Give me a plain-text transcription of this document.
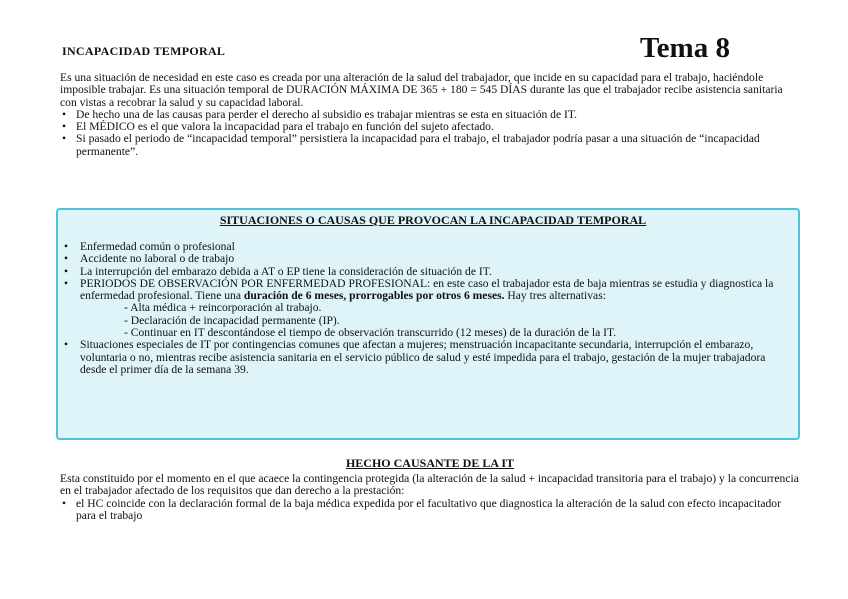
INCAPACIDAD TEMPORAL	Tema 8

Es una situación de necesidad en este caso es creada por una alteración de la salud del trabajador, que incide en su capacidad para el trabajo, haciéndole imposible trabajar. Es una situación temporal de DURACIÓN MÁXIMA DE 365 + 180 = 545 DÍAS durante las que el trabajador recibe asistencia sanitaria con vistas a recobrar la salud y su capacidad laboral.

• De hecho una de las causas para perder el derecho al subsidio es trabajar mientras se esta en situación de IT.
• El MÉDICO es el que valora la incapacidad para el trabajo en función del sujeto afectado.
• Si pasado el periodo de “incapacidad temporal” persistiera la incapacidad para el trabajo, el trabajador podría pasar a una situación de “incapacidad permanente”.
SITUACIONES O CAUSAS QUE PROVOCAN LA INCAPACIDAD TEMPORAL
• Enfermedad común o profesional
• Accidente no laboral o de trabajo
• La interrupción del embarazo debida a AT o EP tiene la consideración de situación de IT.
• PERIODOS DE OBSERVACIÓN POR ENFERMEDAD PROFESIONAL: en este caso el trabajador esta de baja mientras se estudia y diagnostica la enfermedad profesional. Tiene una duración de 6 meses, prorrogables por otros 6 meses. Hay tres alternativas:

- Alta médica + reincorporación al trabajo.

- Declaración de incapacidad permanente (IP).

- Continuar en IT descontándose el tiempo de observación transcurrido (12 meses) de la duración de la IT.

• Situaciones especiales de IT por contingencias comunes que afectan a mujeres; menstruación incapacitante secundaria, interrupción el embarazo, voluntaria o no, mientras recibe asistencia sanitaria en el servicio público de salud y esté impedida para el trabajo, gestación de la mujer trabajadora desde el primer día de la semana 39.
HECHO CAUSANTE DE LA IT

Esta constituido por el momento en el que acaece la contingencia protegida (la alteración de la salud + incapacidad transitoria para el trabajo) y la concurrencia en el trabajador afectado de los requisitos que dan derecho a la prestación:

• el HC coincide con la declaración formal de la baja médica expedida por el facultativo que diagnostica la alteración de la salud con efecto incapacitador para el trabajo
